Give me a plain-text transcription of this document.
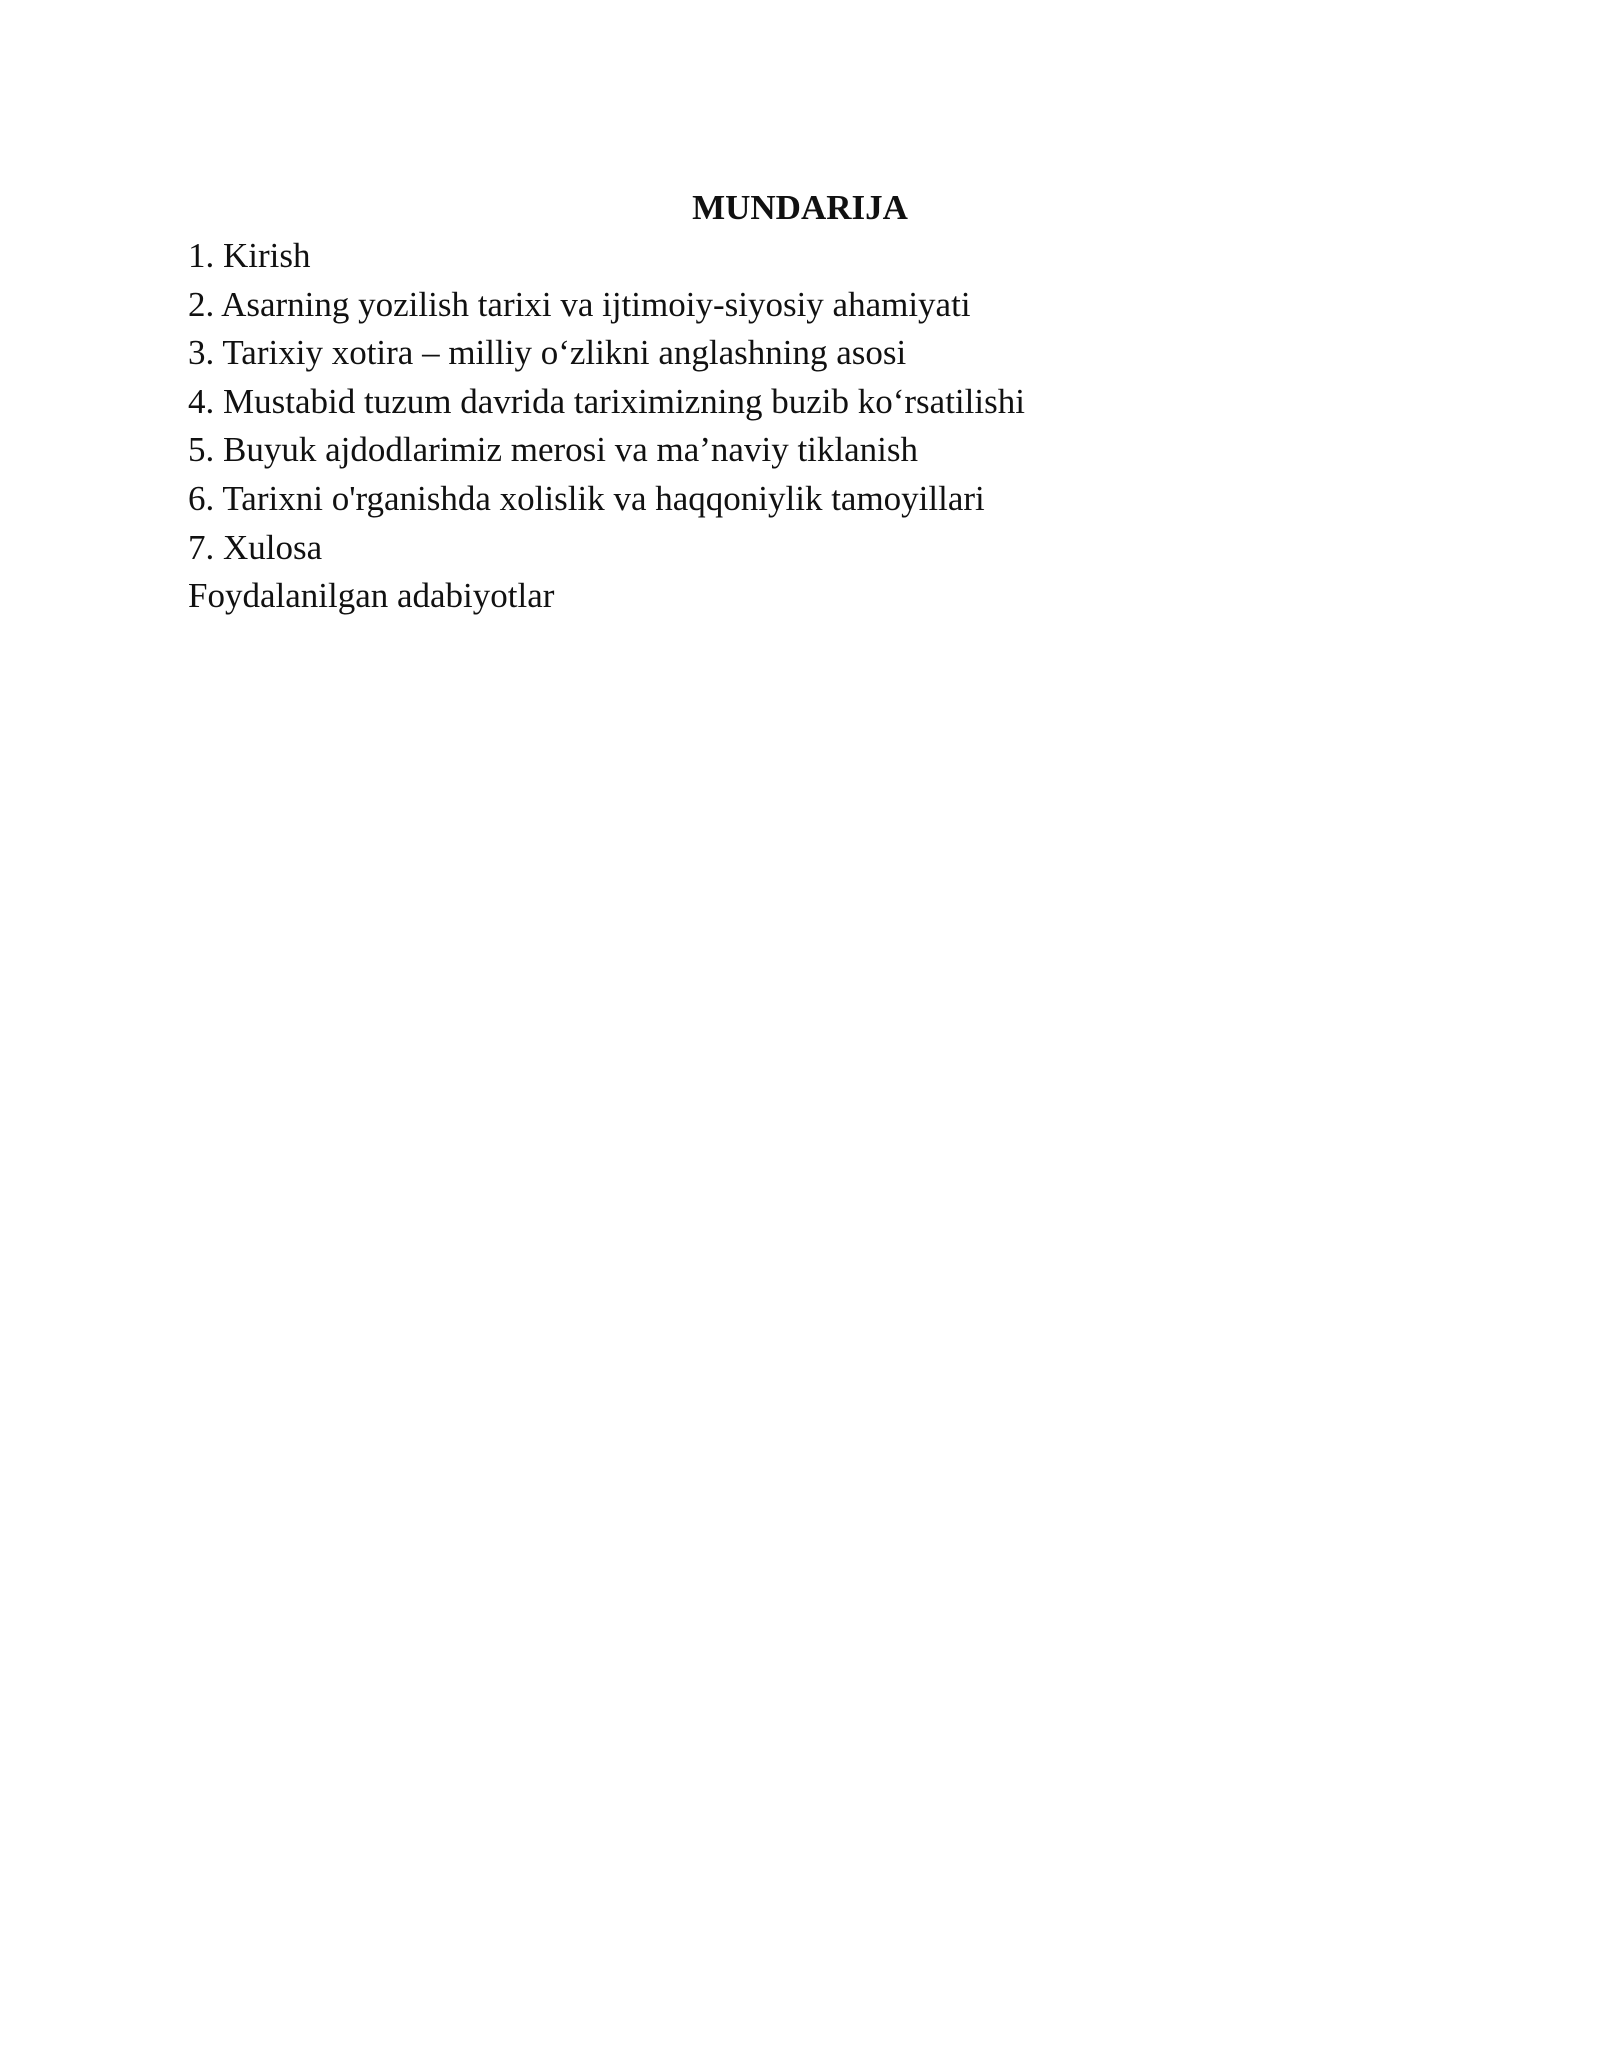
MUNDARIJA
1. Kirish
2. Asarning yozilish tarixi va ijtimoiy-siyosiy ahamiyati
3. Tarixiy xotira – milliy o‘zlikni anglashning asosi
4. Mustabid tuzum davrida tariximizning buzib ko‘rsatilishi
5. Buyuk ajdodlarimiz merosi va ma’naviy tiklanish
6. Tarixni o'rganishda xolislik va haqqoniylik tamoyillari
7. Xulosa
Foydalanilgan adabiyotlar
